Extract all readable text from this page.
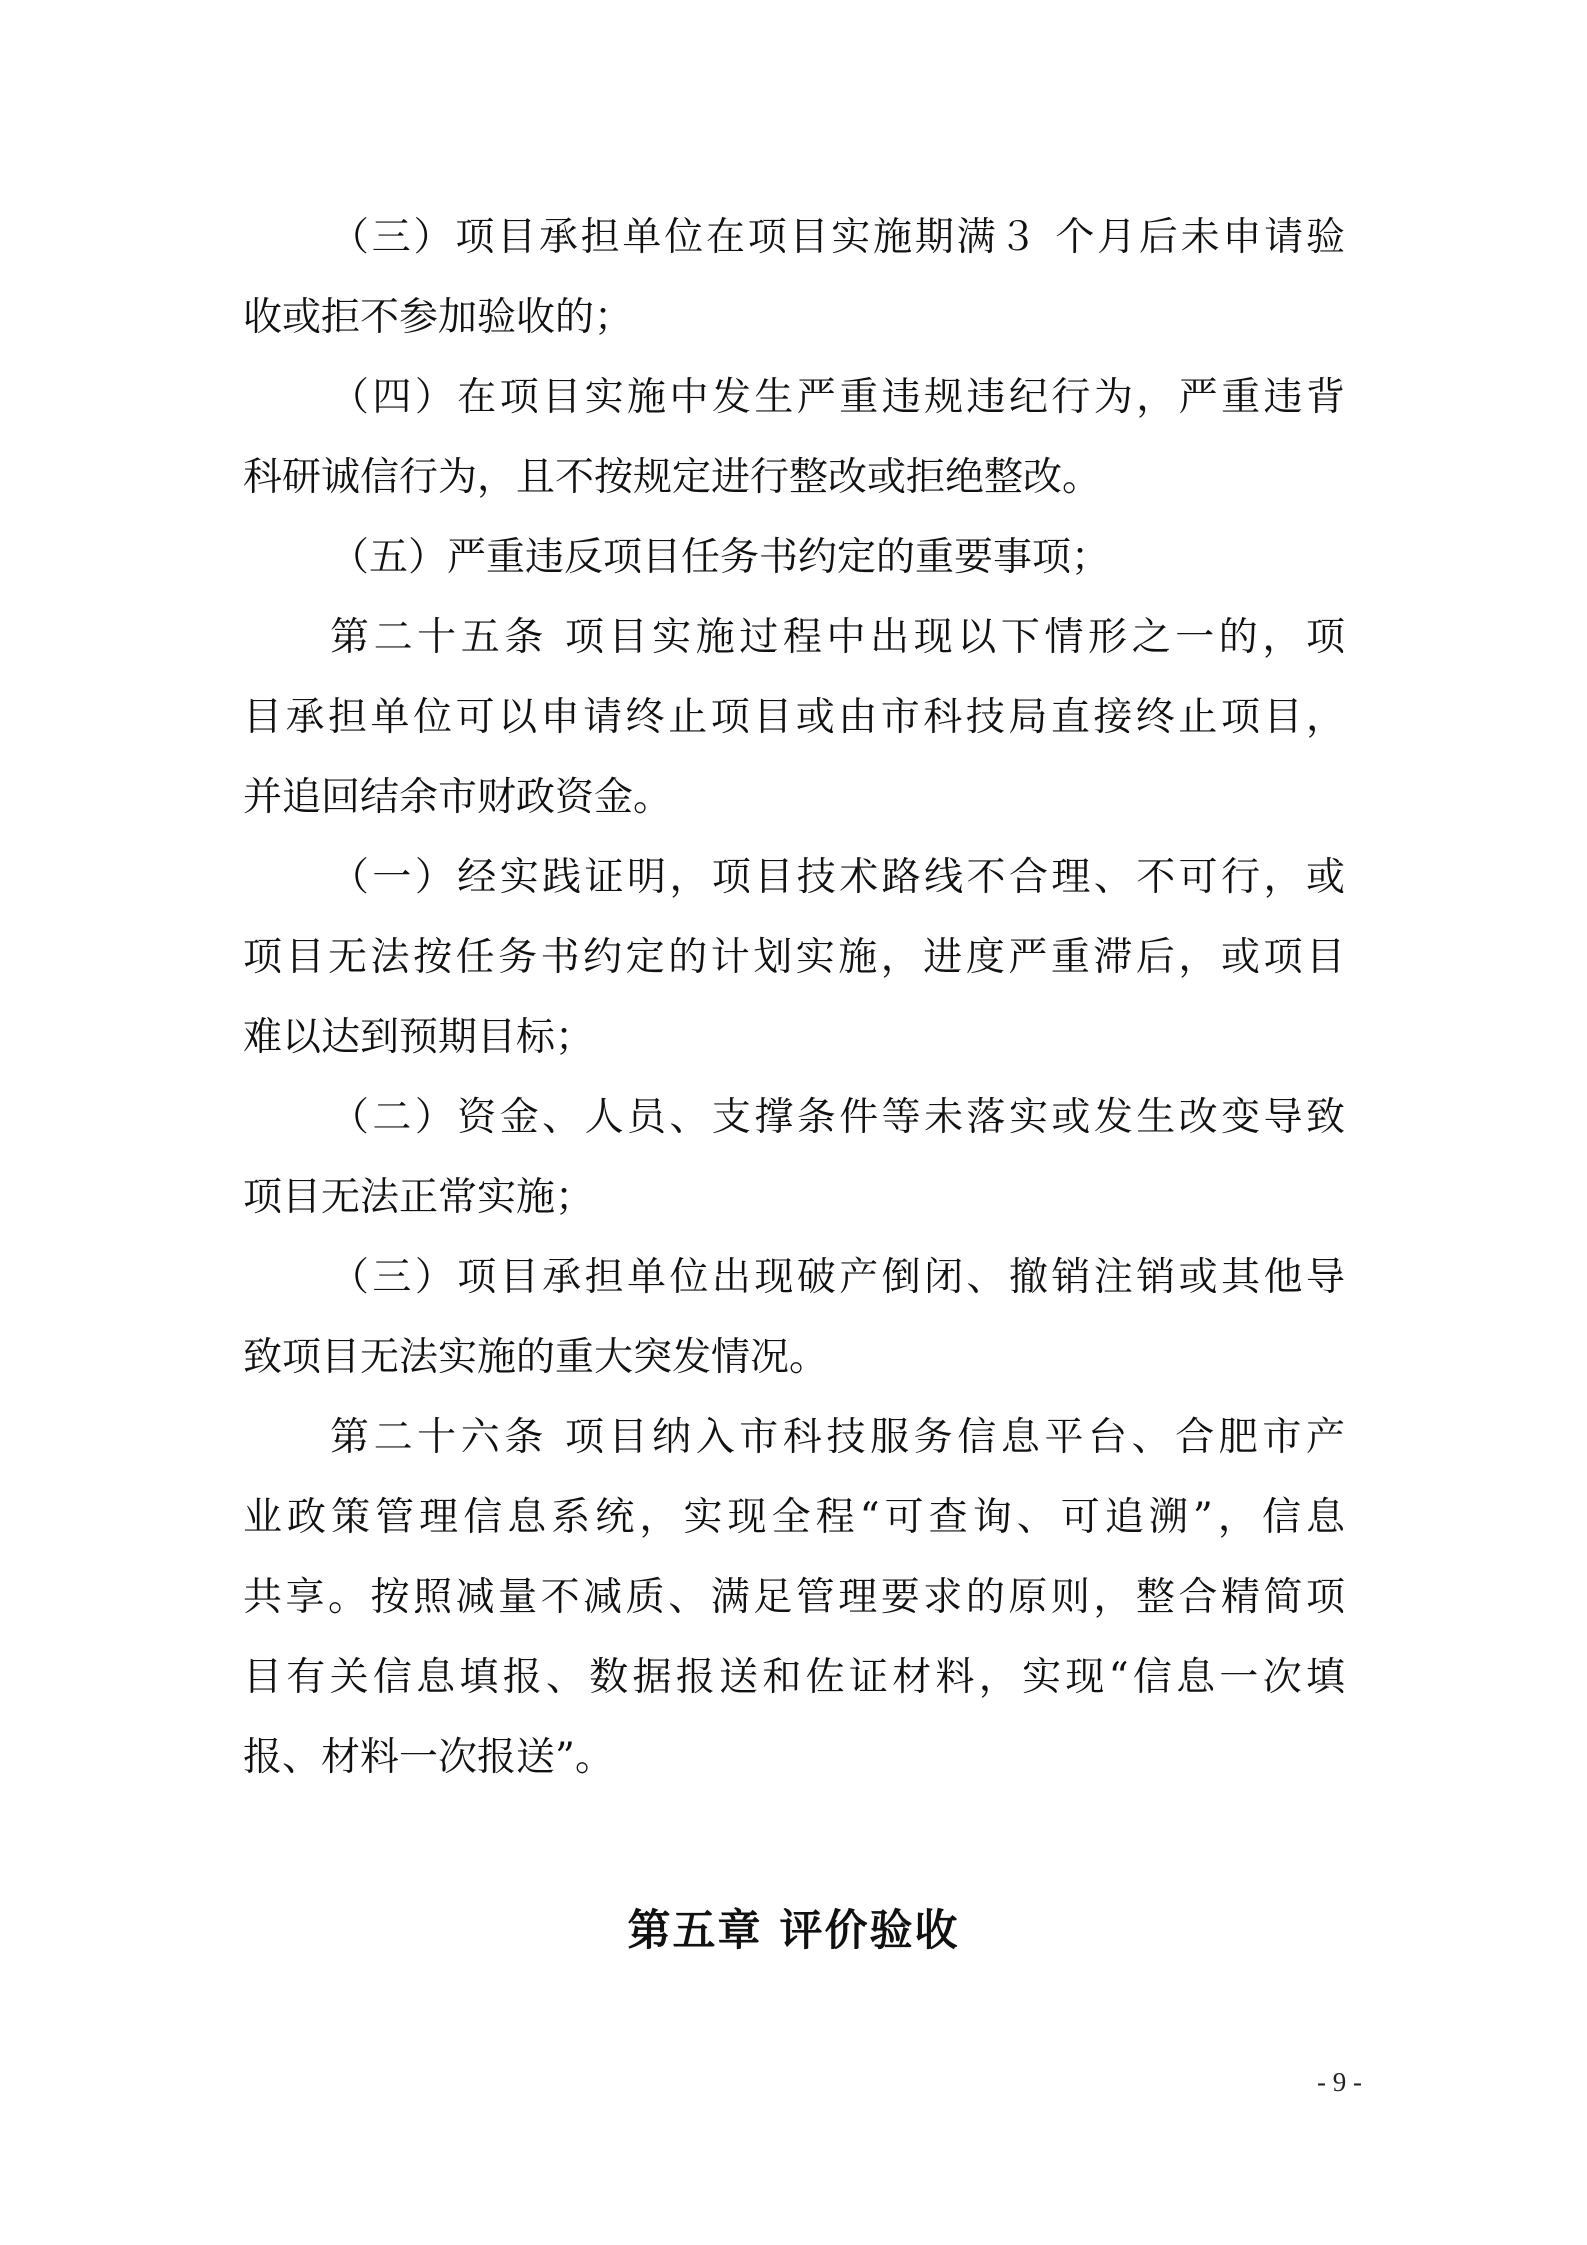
（三）项目承担单位在项目实施期满３ 个月后未申请验
收或拒不参加验收的；
（四）在项目实施中发生严重违规违纪行为，严重违背
科研诚信行为，且不按规定进行整改或拒绝整改。
（五）严重违反项目任务书约定的重要事项；
第二十五条 项目实施过程中出现以下情形之一的，项
目承担单位可以申请终止项目或由市科技局直接终止项目，
并追回结余市财政资金。
（一）经实践证明，项目技术路线不合理、不可行，或
项目无法按任务书约定的计划实施，进度严重滞后，或项目
难以达到预期目标；
（二）资金、人员、支撑条件等未落实或发生改变导致
项目无法正常实施；
（三）项目承担单位出现破产倒闭、撤销注销或其他导
致项目无法实施的重大突发情况。
第二十六条 项目纳入市科技服务信息平台、合肥市产
业政策管理信息系统，实现全程“可查询、可追溯”，信息
共享。按照减量不减质、满足管理要求的原则，整合精简项
目有关信息填报、数据报送和佐证材料，实现“信息一次填
报、材料一次报送”。
第五章 评价验收
- 9 -
